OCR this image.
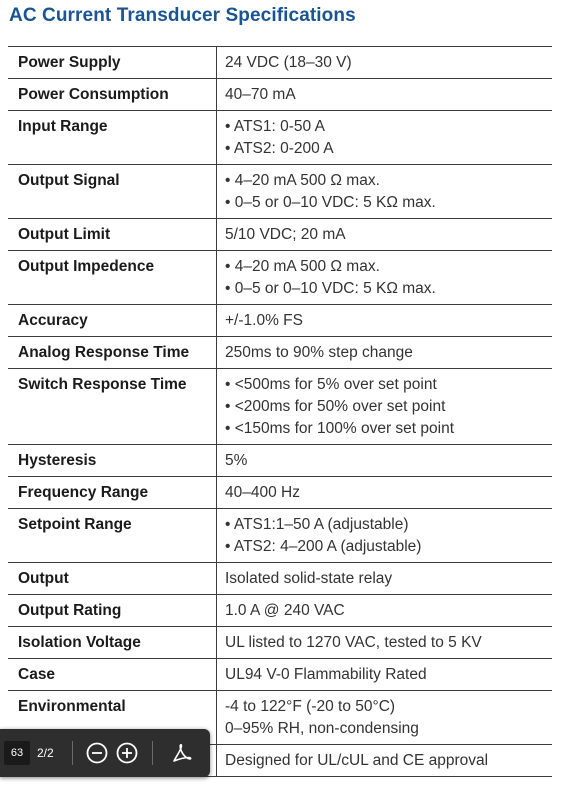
AC Current Transducer Specifications
Power Supply	24 VDC (18–30 V)

Power Consumption	40–70 mA

Input Range	• ATS1: 0-50 A
• ATS2: 0-200 A

Output Signal	• 4–20 mA 500 Ω max.
• 0–5 or 0–10 VDC: 5 KΩ max.

Output Limit	5/10 VDC; 20 mA

Output Impedence	• 4–20 mA 500 Ω max.
• 0–5 or 0–10 VDC: 5 KΩ max.

Accuracy	+/-1.0% FS

Analog Response Time	250ms to 90% step change

Switch Response Time	• <500ms for 5% over set point
• <200ms for 50% over set point
• <150ms for 100% over set point

Hysteresis	5%

Frequency Range	40–400 Hz

Setpoint Range	• ATS1:1–50 A (adjustable)
• ATS2: 4–200 A (adjustable)

Output	Isolated solid-state relay

Output Rating	1.0 A @ 240 VAC

Isolation Voltage	UL listed to 1270 VAC, tested to 5 KV

Case	UL94 V-0 Flammability Rated

Environmental	-4 to 122°F (-20 to 50°C)
0–95% RH, non-condensing

	Designed for UL/cUL and CE approval
63	2/2
